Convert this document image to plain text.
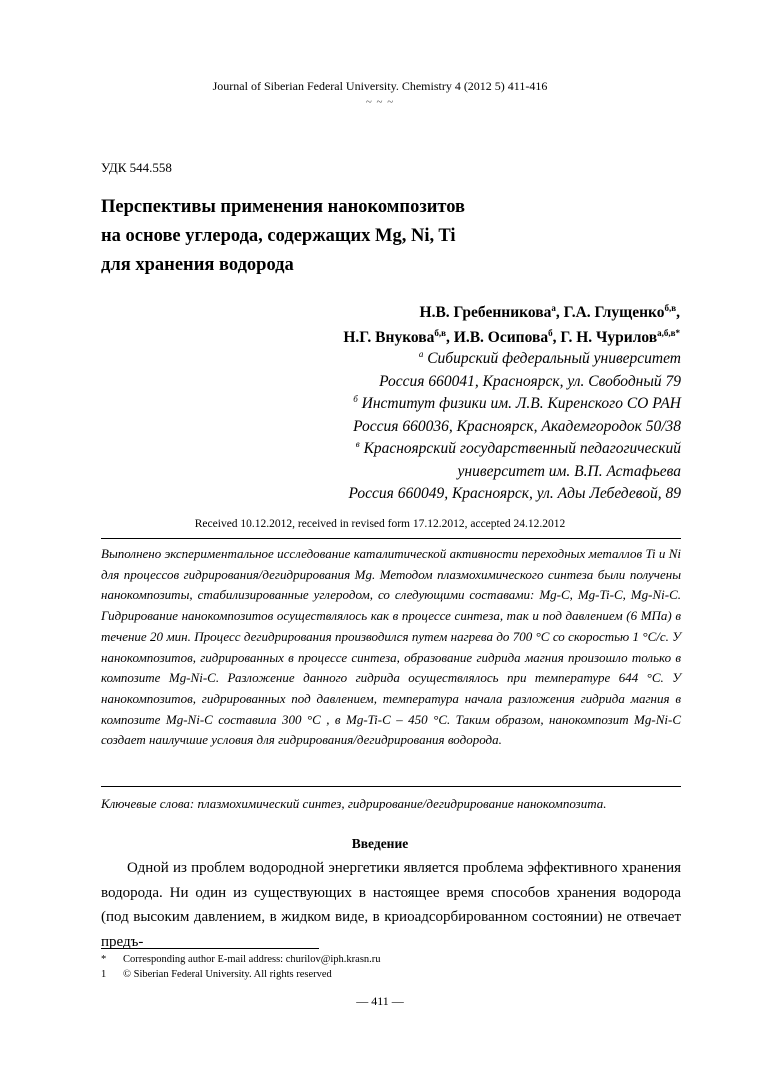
Journal of Siberian Federal University. Chemistry 4 (2012 5) 411-416
~ ~ ~
УДК 544.558
Перспективы применения нанокомпозитов
на основе углерода, содержащих Mg, Ni, Ti
для хранения водорода
Н.В. Гребенникова$^а$, Г.А. Глущенко$^{б,в}$,
Н.Г. Внукова$^{б,в}$, И.В. Осипова$^б$, Г. Н. Чурилов$^{а,б,в*}$
$^а$ Сибирский федеральный университет
Россия 660041, Красноярск, ул. Свободный 79
$^б$ Институт физики им. Л.В. Киренского СО РАН
Россия 660036, Красноярск, Академгородок 50/38
$^в$ Красноярский государственный педагогический
университет им. В.П. Астафьева
Россия 660049, Красноярск, ул. Ады Лебедевой, 89
Received 10.12.2012, received in revised form 17.12.2012, accepted 24.12.2012
Выполнено экспериментальное исследование каталитической активности переходных металлов Ti и Ni для процессов гидрирования/дегидрирования Mg. Методом плазмохимического синтеза были получены нанокомпозиты, стабилизированные углеродом, со следующими составами: Mg-C, Mg-Ti-C, Mg-Ni-C. Гидрирование нанокомпозитов осуществлялось как в процессе синтеза, так и под давлением (6 МПа) в течение 20 мин. Процесс дегидрирования производился путем нагрева до 700 °С со скоростью 1 °С/с. У нанокомпозитов, гидрированных в процессе синтеза, образование гидрида магния произошло только в композите Mg-Ni-C. Разложение данного гидрида осуществлялось при температуре 644 °С. У нанокомпозитов, гидрированных под давлением, температура начала разложения гидрида магния в композите Mg-Ni-C составила 300 °С , в Mg-Ti-C – 450 °С. Таким образом, нанокомпозит Mg-Ni-C создает наилучшие условия для гидрирования/дегидрирования водорода.
Ключевые слова: плазмохимический синтез, гидрирование/дегидрирование нанокомпозита.
Введение
Одной из проблем водородной энергетики является проблема эффективного хранения водорода. Ни один из существующих в настоящее время способов хранения водорода (под высоким давлением, в жидком виде, в криоадсорбированном состоянии) не отвечает предъ-
* Corresponding author E-mail address: churilov@iph.krasn.ru
1 © Siberian Federal University. All rights reserved
— 411 —
